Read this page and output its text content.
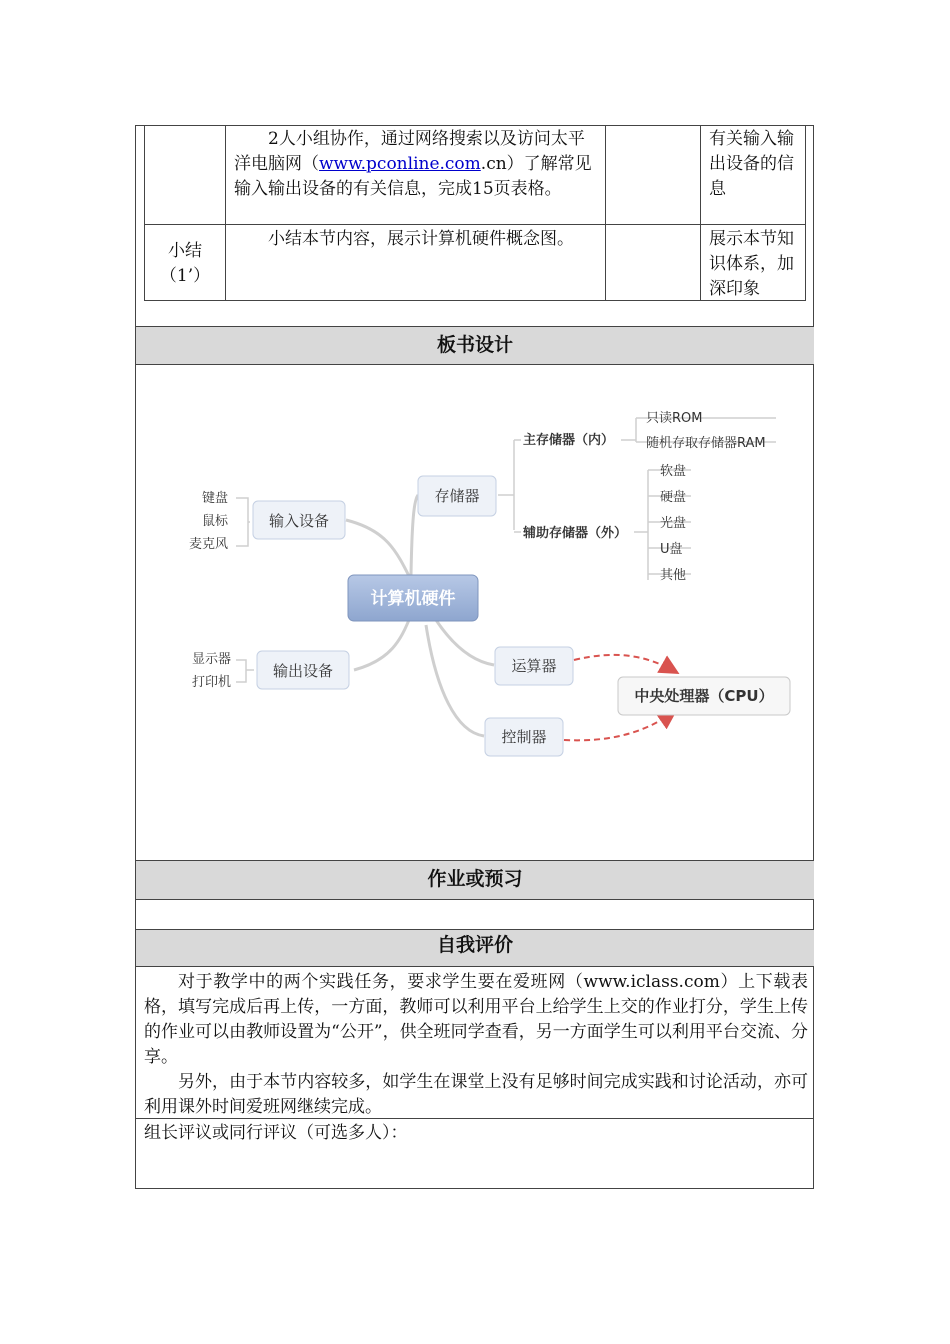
2人小组协作，通过网络搜索以及访问太平洋电脑网（www.pconline.com.cn）了解常见输入输出设备的有关信息，完成15页表格。

有关输入输出设备的信息
小结
（1’）

小结本节内容，展示计算机硬件概念图。	展示本节知识体系，加深印象
板书设计
计算机硬件
输入设备
键盘
鼠标
麦克风
输出设备
显示器
打印机
存储器
主存储器（内）
只读ROM
随机存取存储器RAM
辅助存储器（外）
软盘
硬盘
光盘
U盘
其他
运算器
控制器
中央处理器（CPU）
作业或预习
自我评价

对于教学中的两个实践任务，要求学生要在爱班网（www.iclass.com）上下载表格，填写完成后再上传，一方面，教师可以利用平台上给学生上交的作业打分，学生上传的作业可以由教师设置为“公开”，供全班同学查看，另一方面学生可以利用平台交流、分享。

另外，由于本节内容较多，如学生在课堂上没有足够时间完成实践和讨论活动，亦可利用课外时间爱班网继续完成。

组长评议或同行评议（可选多人）：
